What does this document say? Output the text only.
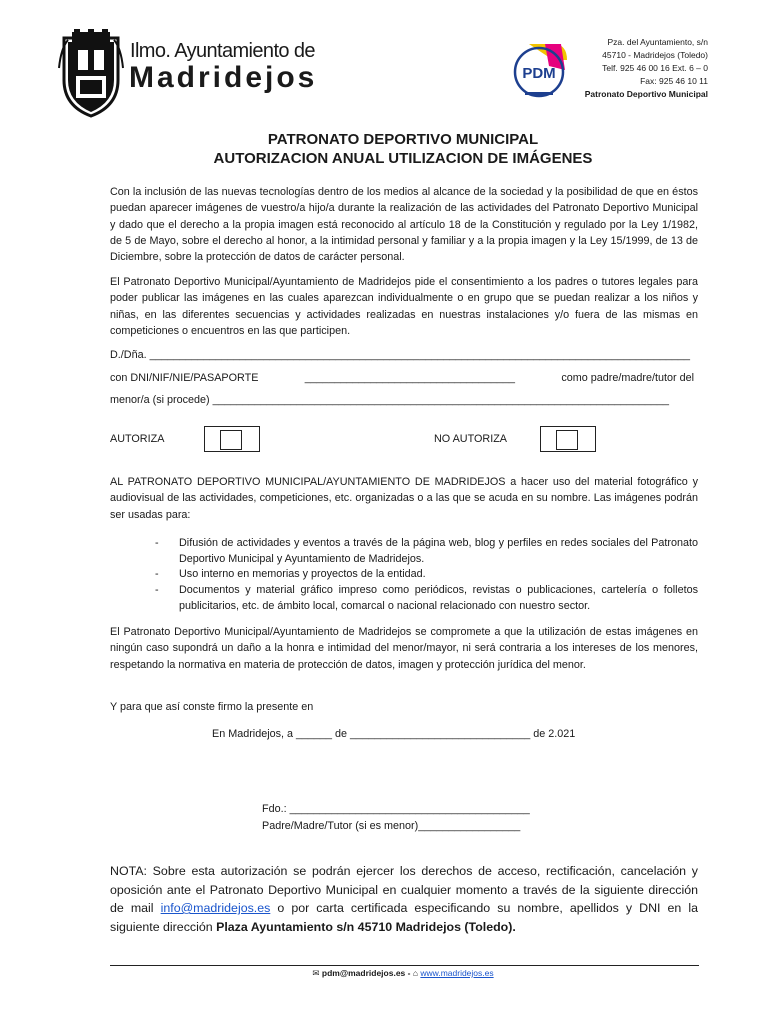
Ilmo. Ayuntamiento de
Madridejos	PDM
Pza. del Ayuntamiento, s/n
45710 - Madridejos (Toledo)
Telf. 925 46 00 16 Ext. 6 – 0
Fax: 925 46 10 11
Patronato Deportivo Municipal
PATRONATO DEPORTIVO MUNICIPAL
AUTORIZACION ANUAL UTILIZACION DE IMÁGENES
Con la inclusión de las nuevas tecnologías dentro de los medios al alcance de la sociedad y la posibilidad de que en éstos puedan aparecer imágenes de vuestro/a hijo/a durante la realización de las actividades del Patronato Deportivo Municipal y dado que el derecho a la propia imagen está reconocido al artículo 18 de la Constitución y regulado por la Ley 1/1982, de 5 de Mayo, sobre el derecho al honor, a la intimidad personal y familiar y a la propia imagen y la Ley 15/1999, de 13 de Diciembre, sobre la protección de datos de carácter personal.
El Patronato Deportivo Municipal/Ayuntamiento de Madridejos pide el consentimiento a los padres o tutores legales para poder publicar las imágenes en las cuales aparezcan individualmente o en grupo que se puedan realizar a los niños y niñas, en las diferentes secuencias y actividades realizadas en nuestras instalaciones y/o fuera de las mismas en competiciones o encuentros en las que participen.
D./Dña. __________________________________________________________________________________________
con DNI/NIF/NIE/PASAPORTE	___________________________________	como padre/madre/tutor del
menor/a (si procede) ____________________________________________________________________________
AUTORIZA	NO AUTORIZA
AL PATRONATO DEPORTIVO MUNICIPAL/AYUNTAMIENTO DE MADRIDEJOS a hacer uso del material fotográfico y audiovisual de las actividades, competiciones, etc. organizadas o a las que se acuda en su nombre. Las imágenes podrán ser usadas para:
- Difusión de actividades y eventos a través de la página web, blog y perfiles en redes sociales del Patronato Deportivo Municipal y Ayuntamiento de Madridejos.
- Uso interno en memorias y proyectos de la entidad.
- Documentos y material gráfico impreso como periódicos, revistas o publicaciones, cartelería o folletos publicitarios, etc. de ámbito local, comarcal o nacional relacionado con nuestro sector.
El Patronato Deportivo Municipal/Ayuntamiento de Madridejos se compromete a que la utilización de estas imágenes en ningún caso supondrá un daño a la honra e intimidad del menor/mayor, ni será contraria a los intereses de los menores, respetando la normativa en materia de protección de datos, imagen y protección jurídica del menor.
Y para que así conste firmo la presente en
En Madridejos, a ______ de ______________________________ de 2.021
Fdo.: ________________________________________
Padre/Madre/Tutor (si es menor)_________________
NOTA: Sobre esta autorización se podrán ejercer los derechos de acceso, rectificación, cancelación y oposición ante el Patronato Deportivo Municipal en cualquier momento a través de la siguiente dirección de mail info@madridejos.es o por carta certificada especificando su nombre, apellidos y DNI en la siguiente dirección Plaza Ayuntamiento s/n 45710 Madridejos (Toledo).
✉ pdm@madridejos.es - ⌂ www.madridejos.es
